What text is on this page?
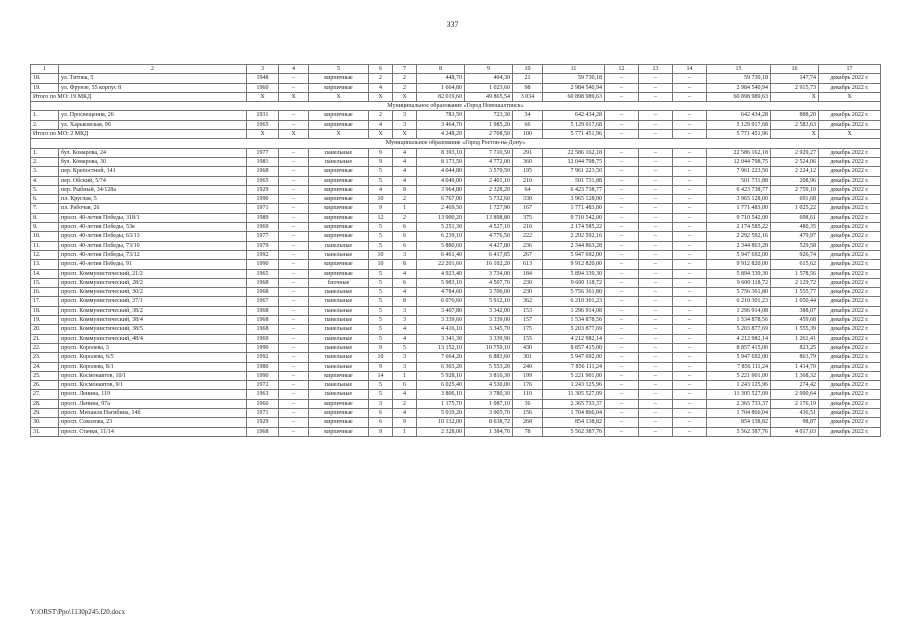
337
1	2	3	4	5	6	7	8	9	10	11	12	13	14	15	16	17
18.	ул. Титова, 5	1948	–	кирпичные	2	2	448,70	404,30	21	59 730,18	–	–	–	59 730,18	147,74	декабрь 2022 г.
19.	ул. Фрунзе, 55 корпус 8	1960	–	кирпичные	4	2	1 664,80	1 023,60	98	2 984 540,94	–	–	–	2 984 540,94	2 915,73	декабрь 2022 г.
Итого по МО: 19 МКД		X	X	X	X	X	82 019,60	49 865,54	3 034	60 898 989,63	–	–	–	60 898 989,63	X	X
Муниципальное образование «Город Новошахтинск»																
1.	ул. Просвещения, 26	1931	–	кирпичные	2	3	783,50	723,30	34	642 434,28	–	–	–	642 434,28	888,20	декабрь 2022 г.
2.	ул. Харьковская, 90	1965	–	кирпичные	4	3	3 464,70	1 985,20	66	5 129 017,68	–	–	–	5 129 017,68	2 583,63	декабрь 2022 г.
Итого по МО: 2 МКД		X	X	X	X	X	4 248,20	2 708,50	100	5 771 451,96	–	–	–	5 771 451,96	X	X
Муниципальное образование «Город Ростов-на-Дону»																
1.	бул. Комарова, 24	1977	–	панельные	9	4	8 393,10	7 710,50	291	22 586 162,18	–	–	–	22 586 162,18	2 929,27	декабрь 2022 г.
2.	бул. Комарова, 30	1981	–	панельные	9	4	8 173,50	4 772,00	360	12 044 798,75	–	–	–	12 044 798,75	2 524,06	декабрь 2022 г.
3.	пер. Крепостной, 141	1968	–	кирпичные	5	4	4 044,80	3 579,50	195	7 961 223,50	–	–	–	7 961 223,50	2 224,12	декабрь 2022 г.
4.	пер. Обский, 5/74	1965	–	кирпичные	5	4	4 049,00	2 401,10	210	501 731,88	–	–	–	501 731,88	208,96	декабрь 2022 г.
5.	пер. Рыбный, 34/128а	1929	–	кирпичные	4	8	3 964,80	2 328,20	64	6 423 738,77	–	–	–	6 423 738,77	2 759,10	декабрь 2022 г.
6.	пл. Круглая, 5	1990	–	кирпичные	10	2	6 767,00	5 732,60	330	3 965 128,00	–	–	–	3 965 128,00	691,68	декабрь 2022 г.
7.	пл. Рабочая, 26	1971	–	кирпичные	9	1	2 469,50	1 727,90	167	1 771 483,00	–	–	–	1 771 483,00	1 025,22	декабрь 2022 г.
8.	просп. 40-летия Победы, 318/1	1989	–	кирпичные	12	2	13 900,20	13 898,80	375	9 710 542,00	–	–	–	9 710 542,00	698,61	декабрь 2022 г.
9.	просп. 40-летия Победы, 53в	1969	–	кирпичные	5	6	5 251,30	4 527,10	210	2 174 585,22	–	–	–	2 174 585,22	480,35	декабрь 2022 г.
10.	просп. 40-летия Победы, 63/13	1977	–	кирпичные	5	6	6 239,10	4 776,50	222	2 292 592,16	–	–	–	2 292 592,16	479,97	декабрь 2022 г.
11.	просп. 40-летия Победы, 73/10	1979	–	панельные	5	6	5 880,60	4 427,80	236	2 344 863,28	–	–	–	2 344 863,28	529,58	декабрь 2022 г.
12.	просп. 40-летия Победы, 73/12	1992	–	панельные	10	3	6 461,40	6 417,85	267	5 947 692,00	–	–	–	5 947 692,00	926,74	декабрь 2022 г.
13.	просп. 40-летия Победы, 91	1990	–	кирпичные	10	8	22 201,60	16 102,20	613	9 912 820,00	–	–	–	9 912 820,00	615,62	декабрь 2022 г.
14.	просп. Коммунистический, 21/2	1965	–	кирпичные	5	4	4 923,40	3 734,00	184	5 894 339,30	–	–	–	5 894 339,30	1 578,56	декабрь 2022 г.
15.	просп. Коммунистический, 28/2	1968	–	блочные	5	6	5 983,10	4 507,70	230	9 600 118,72	–	–	–	9 600 118,72	2 129,72	декабрь 2022 г.
16.	просп. Коммунистический, 30/2	1968	–	панельные	5	4	4 784,60	3 700,00	230	5 756 361,80	–	–	–	5 756 361,80	1 555,77	декабрь 2022 г.
17.	просп. Коммунистический, 37/1	1967	–	панельные	5	8	6 076,60	5 912,10	362	6 210 301,23	–	–	–	6 210 301,23	1 050,44	декабрь 2022 г.
18.	просп. Коммунистический, 38/2	1968	–	панельные	5	3	3 407,80	3 342,00	153	1 296 914,08	–	–	–	1 296 914,08	388,07	декабрь 2022 г.
19.	просп. Коммунистический, 38/4	1968	–	панельные	5	3	3 339,60	3 339,00	157	1 534 878,56	–	–	–	1 534 878,56	459,68	декабрь 2022 г.
20.	просп. Коммунистический, 38/5	1968	–	панельные	5	4	4 416,10	3 345,70	175	5 203 877,69	–	–	–	5 203 877,69	1 555,39	декабрь 2022 г.
21.	просп. Коммунистический, 48/4	1969	–	панельные	5	4	3 341,30	3 339,90	155	4 212 982,14	–	–	–	4 212 982,14	1 261,41	декабрь 2022 г.
22.	просп. Королева, 3	1990	–	панельные	9	5	13 152,10	10 759,10	430	8 857 415,00	–	–	–	8 857 415,00	823,25	декабрь 2022 г.
23.	просп. Королева, 6/5	1992	–	панельные	10	3	7 664,20	6 883,60	301	5 947 692,00	–	–	–	5 947 692,00	863,79	декабрь 2022 г.
24.	просп. Королева, 8/1	1980	–	панельные	9	3	6 303,20	5 553,20	240	7 856 111,24	–	–	–	7 856 111,24	1 414,70	декабрь 2022 г.
25.	просп. Космонавтов, 10/1	1990	–	кирпичные	14	1	5 928,10	3 816,30	199	5 221 901,00	–	–	–	5 221 901,00	1 368,32	декабрь 2022 г.
26.	просп. Космонавтов, 9/1	1972	–	панельные	5	6	6 025,40	4 530,00	176	1 243 125,96	–	–	–	1 243 125,96	274,42	декабрь 2022 г.
27.	просп. Ленина, 119	1963	–	панельные	5	4	3 806,10	3 780,30	110	11 305 527,09	–	–	–	11 305 527,09	2 990,64	декабрь 2022 г.
28.	просп. Ленина, 97а	1960	–	кирпичные	3	2	1 175,70	1 087,10	36	2 365 733,37	–	–	–	2 365 733,37	2 176,19	декабрь 2022 г.
29.	просп. Михаила Нагибина, 14б	1971	–	кирпичные	6	4	5 019,20	3 905,70	156	1 704 866,04	–	–	–	1 704 866,04	436,51	декабрь 2022 г.
30.	просп. Соколова, 23	1929	–	кирпичные	6	9	10 132,00	8 638,72	268	854 138,82	–	–	–	854 138,82	98,87	декабрь 2022 г.
31.	просп. Стачки, 11/14	1968	–	кирпичные	9	1	2 328,00	1 384,70	78	5 562 387,76	–	–	–	5 562 387,76	4 017,03	декабрь 2022 г.
Y:\ORST\Ppo\1130p245.f20.docx
